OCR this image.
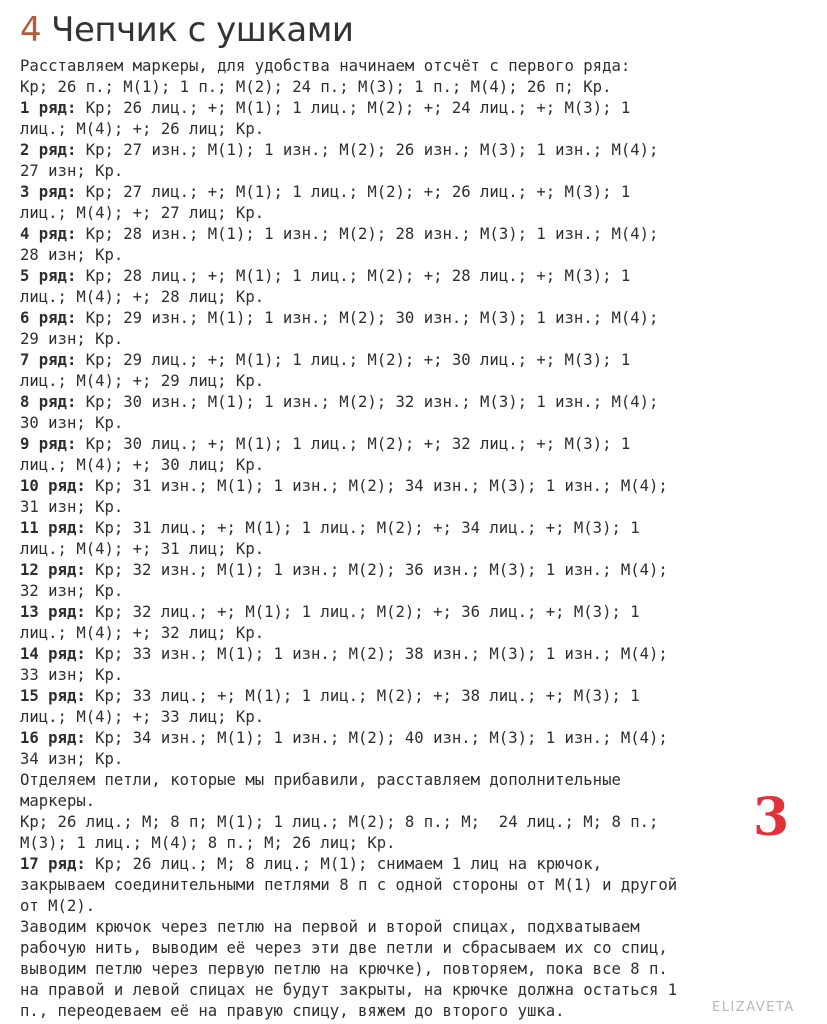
4 Чепчик с ушками
Расставляем маркеры, для удобства начинаем отсчёт с первого ряда:
Кр; 26 п.; М(1); 1 п.; М(2); 24 п.; М(3); 1 п.; М(4); 26 п; Кр.
1 ряд: Кр; 26 лиц.; +; М(1); 1 лиц.; М(2); +; 24 лиц.; +; М(3); 1
лиц.; М(4); +; 26 лиц; Кр.
2 ряд: Кр; 27 изн.; М(1); 1 изн.; М(2); 26 изн.; М(3); 1 изн.; М(4);
27 изн; Кр.
3 ряд: Кр; 27 лиц.; +; М(1); 1 лиц.; М(2); +; 26 лиц.; +; М(3); 1
лиц.; М(4); +; 27 лиц; Кр.
4 ряд: Кр; 28 изн.; М(1); 1 изн.; М(2); 28 изн.; М(3); 1 изн.; М(4);
28 изн; Кр.
5 ряд: Кр; 28 лиц.; +; М(1); 1 лиц.; М(2); +; 28 лиц.; +; М(3); 1
лиц.; М(4); +; 28 лиц; Кр.
6 ряд: Кр; 29 изн.; М(1); 1 изн.; М(2); 30 изн.; М(3); 1 изн.; М(4);
29 изн; Кр.
7 ряд: Кр; 29 лиц.; +; М(1); 1 лиц.; М(2); +; 30 лиц.; +; М(3); 1
лиц.; М(4); +; 29 лиц; Кр.
8 ряд: Кр; 30 изн.; М(1); 1 изн.; М(2); 32 изн.; М(3); 1 изн.; М(4);
30 изн; Кр.
9 ряд: Кр; 30 лиц.; +; М(1); 1 лиц.; М(2); +; 32 лиц.; +; М(3); 1
лиц.; М(4); +; 30 лиц; Кр.
10 ряд: Кр; 31 изн.; М(1); 1 изн.; М(2); 34 изн.; М(3); 1 изн.; М(4);
31 изн; Кр.
11 ряд: Кр; 31 лиц.; +; М(1); 1 лиц.; М(2); +; 34 лиц.; +; М(3); 1
лиц.; М(4); +; 31 лиц; Кр.
12 ряд: Кр; 32 изн.; М(1); 1 изн.; М(2); 36 изн.; М(3); 1 изн.; М(4);
32 изн; Кр.
13 ряд: Кр; 32 лиц.; +; М(1); 1 лиц.; М(2); +; 36 лиц.; +; М(3); 1
лиц.; М(4); +; 32 лиц; Кр.
14 ряд: Кр; 33 изн.; М(1); 1 изн.; М(2); 38 изн.; М(3); 1 изн.; М(4);
33 изн; Кр.
15 ряд: Кр; 33 лиц.; +; М(1); 1 лиц.; М(2); +; 38 лиц.; +; М(3); 1
лиц.; М(4); +; 33 лиц; Кр.
16 ряд: Кр; 34 изн.; М(1); 1 изн.; М(2); 40 изн.; М(3); 1 изн.; М(4);
34 изн; Кр.
Отделяем петли, которые мы прибавили, расставляем дополнительные
маркеры.
Кр; 26 лиц.; М; 8 п; М(1); 1 лиц.; М(2); 8 п.; М;  24 лиц.; М; 8 п.;
М(3); 1 лиц.; М(4); 8 п.; М; 26 лиц; Кр.
17 ряд: Кр; 26 лиц.; М; 8 лиц.; М(1); снимаем 1 лиц на крючок,
закрываем соединительными петлями 8 п с одной стороны от М(1) и другой
от М(2).
Заводим крючок через петлю на первой и второй спицах, подхватываем
рабочую нить, выводим её через эти две петли и сбрасываем их со спиц,
выводим петлю через первую петлю на крючке), повторяем, пока все 8 п.
на правой и левой спицах не будут закрыты, на крючке должна остаться 1
п., переодеваем её на правую спицу, вяжем до второго ушка.
3
ELIZAVETA
